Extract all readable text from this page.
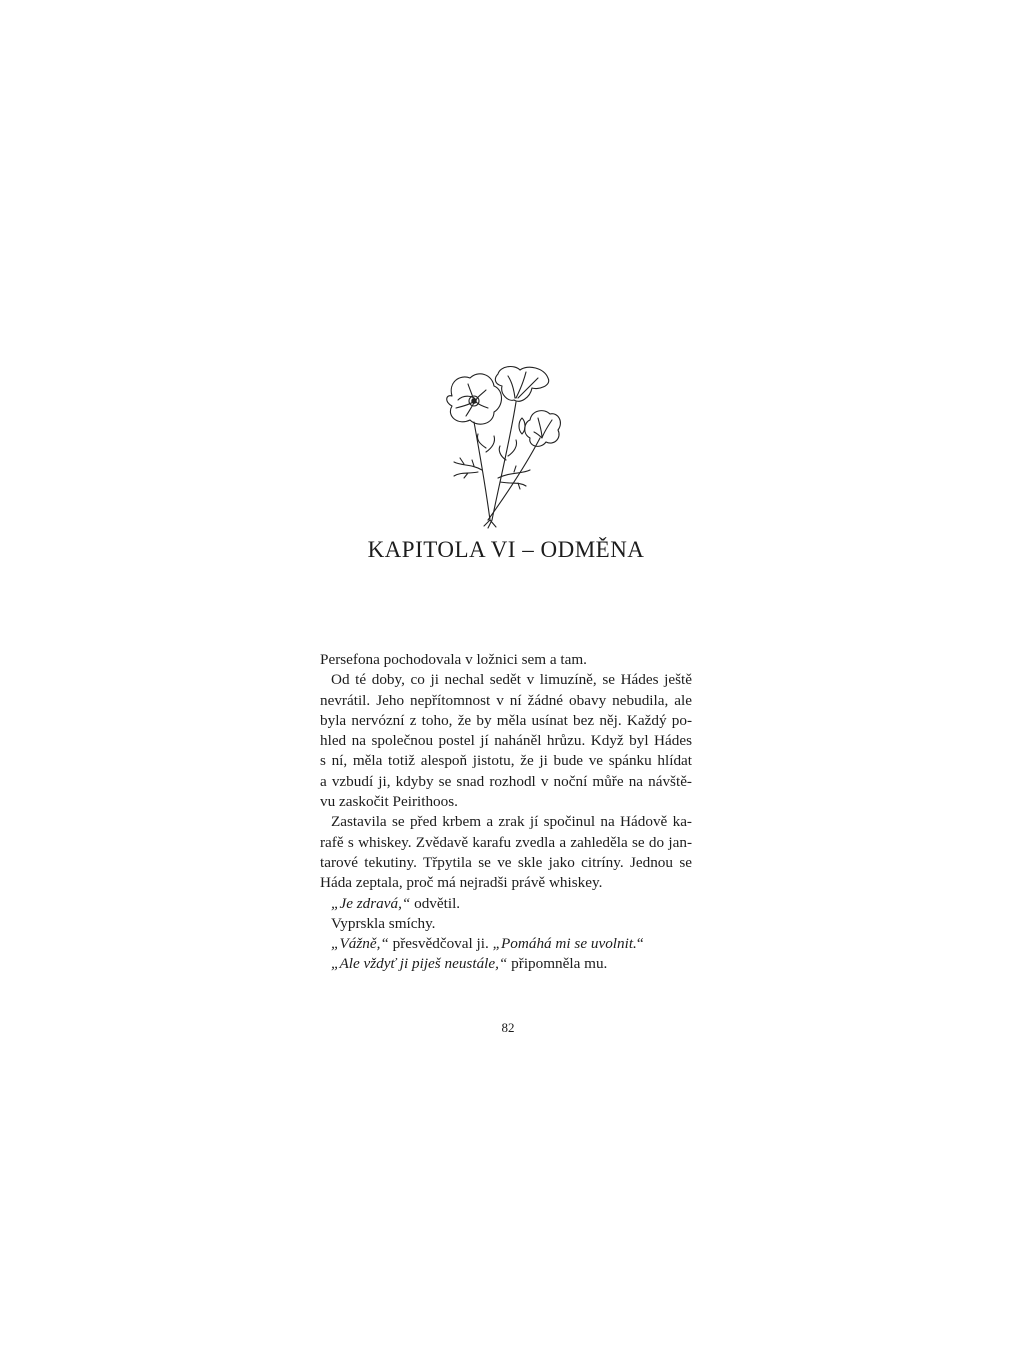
KAPITOLA VI – ODMĚNA
Persefona pochodovala v ložnici sem a tam.
Od té doby, co ji nechal sedět v limuzíně, se Hádes ještě
nevrátil. Jeho nepřítomnost v ní žádné obavy nebudila, ale
byla nervózní z toho, že by měla usínat bez něj. Každý po-
hled na společnou postel jí naháněl hrůzu. Když byl Hádes
s ní, měla totiž alespoň jistotu, že ji bude ve spánku hlídat
a vzbudí ji, kdyby se snad rozhodl v noční můře na návště-
vu zaskočit Peirithoos.
Zastavila se před krbem a zrak jí spočinul na Hádově ka-
rafě s whiskey. Zvědavě karafu zvedla a zahleděla se do jan-
tarové tekutiny. Třpytila se ve skle jako citríny. Jednou se
Háda zeptala, proč má nejradši právě whiskey.
„Je zdravá,“ odvětil.
Vyprskla smíchy.
„Vážně,“ přesvědčoval ji. „Pomáhá mi se uvolnit.“
„Ale vždyť ji piješ neustále,“ připomněla mu.
82
